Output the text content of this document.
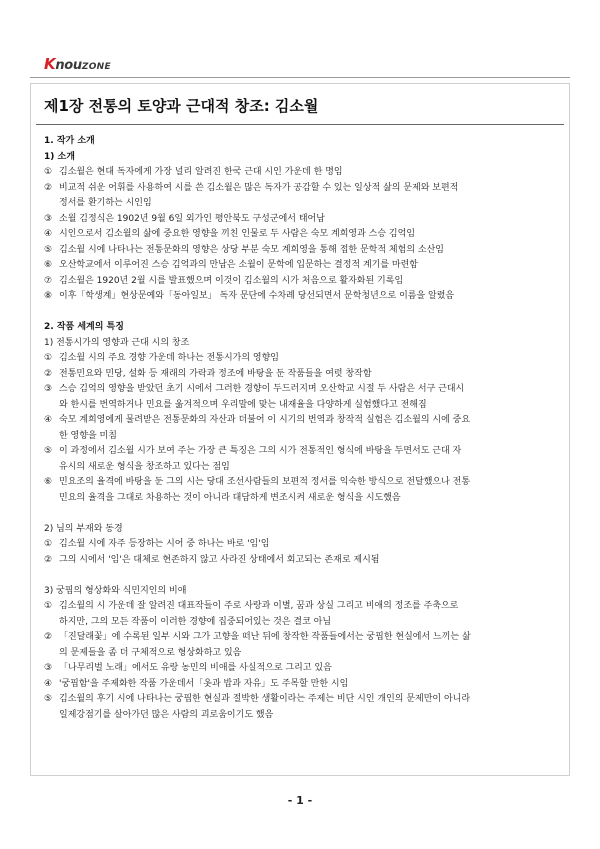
KnouZONE
제1장 전통의 토양과 근대적 창조: 김소월
1. 작가 소개
1) 소개
① 김소월은 현대 독자에게 가장 널리 알려진 한국 근대 시인 가운데 한 명임
② 비교적 쉬운 어휘를 사용하여 시를 쓴 김소월은 많은 독자가 공감할 수 있는 일상적 삶의 문제와 보편적
정서를 환기하는 시인임
③ 소월 김정식은 1902년 9월 6일 외가인 평안북도 구성군에서 태어남
④ 시인으로서 김소월의 삶에 중요한 영향을 끼친 인물로 두 사람은 숙모 계희영과 스승 김억임
⑤ 김소월 시에 나타나는 전통문화의 영향은 상당 부분 숙모 계희영을 통해 접한 문학적 체험의 소산임
⑥ 오산학교에서 이루어진 스승 김억과의 만남은 소월이 문학에 입문하는 결정적 계기를 마련함
⑦ 김소월은 1920년 2월 시를 발표했으며 이것이 김소월의 시가 처음으로 활자화된 기록임
⑧ 이후「학생계」현상문예와「동아일보」 독자 문단에 수차례 당선되면서 문학청년으로 이름을 알렸음
2. 작품 세계의 특징
1) 전통시가의 영향과 근대 시의 창조
① 김소월 시의 주요 경향 가운데 하나는 전통시가의 영향임
② 전통민요와 민당, 설화 등 재래의 가락과 정조에 바탕을 둔 작품들을 여럿 창작함
③ 스승 김억의 영향을 받았던 초기 시에서 그러한 경향이 두드러지며 오산학교 시절 두 사람은 서구 근대시
와 한시를 번역하거나 민요를 옮겨적으며 우리말에 맞는 내재율을 다양하게 실험했다고 전해짐
④ 숙모 계희영에게 물려받은 전통문화의 자산과 더불어 이 시기의 번역과 창작적 실험은 김소월의 시에 중요
한 영향을 미침
⑤ 이 과정에서 김소월 시가 보여 주는 가장 큰 특징은 그의 시가 전통적인 형식에 바탕을 두면서도 근대 자
유시의 새로운 형식을 창조하고 있다는 점임
⑥ 민요조의 율격에 바탕을 둔 그의 시는 당대 조선사람들의 보편적 정서를 익숙한 방식으로 전달했으나 전통
민요의 율격을 그대로 차용하는 것이 아니라 대담하게 변조시켜 새로운 형식을 시도했음
2) 님의 부재와 동경
① 김소월 시에 자주 등장하는 시어 중 하나는 바로 '임'임
② 그의 시에서 '임'은 대체로 현존하지 않고 사라진 상태에서 회고되는 존재로 제시됨
3) 궁핍의 형상화와 식민지인의 비애
① 김소월의 시 가운데 잘 알려진 대표작들이 주로 사랑과 이별, 꿈과 상실 그리고 비애의 정조를 주축으로
하지만, 그의 모든 작품이 이러한 경향에 집중되어있는 것은 결코 아님
② 「진달래꽃」에 수록된 일부 시와 그가 고향을 떠난 뒤에 창작한 작품들에서는 궁핍한 현실에서 느끼는 삶
의 문제들을 좀 더 구체적으로 형상화하고 있음
③ 「나무리벌 노래」에서도 유랑 농민의 비애를 사실적으로 그리고 있음
④ '궁핍함'을 주제화한 작품 가운데서「옷과 밥과 자유」도 주목할 만한 시임
⑤ 김소월의 후기 시에 나타나는 궁핍한 현실과 절박한 생활이라는 주제는 비단 시인 개인의 문제만이 아니라
일제강점기를 살아가던 많은 사람의 괴로움이기도 했음
- 1 -
